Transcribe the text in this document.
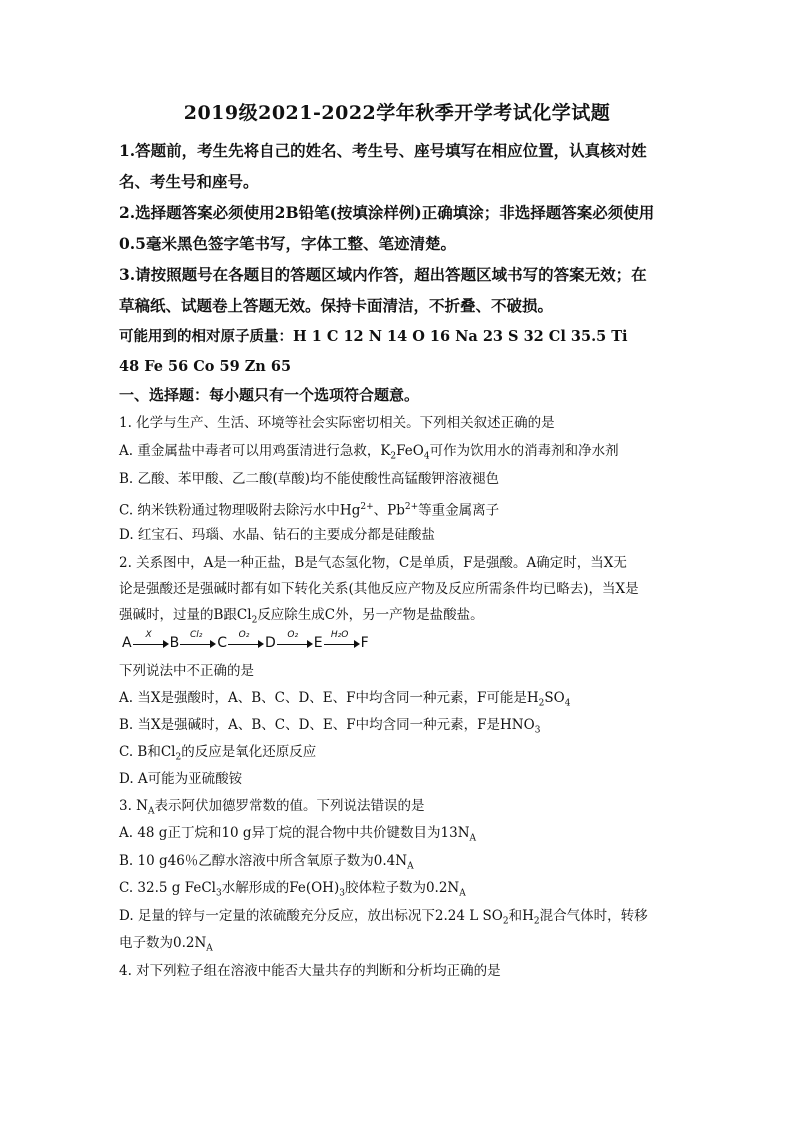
2019级2021-2022学年秋季开学考试化学试题
1.答题前，考生先将自己的姓名、考生号、座号填写在相应位置，认真核对姓
名、考生号和座号。
2.选择题答案必须使用2B铅笔(按填涂样例)正确填涂；非选择题答案必须使用
0.5毫米黑色签字笔书写，字体工整、笔迹清楚。
3.请按照题号在各题目的答题区域内作答，超出答题区域书写的答案无效；在
草稿纸、试题卷上答题无效。保持卡面清洁，不折叠、不破损。
可能用到的相对原子质量：H 1 C 12 N 14 O 16 Na 23 S 32 Cl 35.5 Ti
48 Fe 56 Co 59 Zn 65
一、选择题：每小题只有一个选项符合题意。
1. 化学与生产、生活、环境等社会实际密切相关。下列相关叙述正确的是
A. 重金属盐中毒者可以用鸡蛋清进行急救，$K_2FeO_4$可作为饮用水的消毒剂和净水剂
B. 乙酸、苯甲酸、乙二酸(草酸)均不能使酸性高锰酸钾溶液褪色
C. 纳米铁粉通过物理吸附去除污水中$Hg^{2+}$、$Pb^{2+}$等重金属离子
D. 红宝石、玛瑙、水晶、钻石的主要成分都是硅酸盐
2. 关系图中，A是一种正盐，B是气态氢化物，C是单质，F是强酸。A确定时，当X无
论是强酸还是强碱时都有如下转化关系(其他反应产物及反应所需条件均已略去)，当X是
强碱时，过量的B跟$Cl_2$反应除生成C外，另一产物是盐酸盐。
A	X	B	Cl₂	C	O₂	D	O₂	E H₂O F
下列说法中不正确的是
A. 当X是强酸时，A、B、C、D、E、F中均含同一种元素，F可能是$H_2SO_4$
B. 当X是强碱时，A、B、C、D、E、F中均含同一种元素，F是$HNO_3$
C. B和$Cl_2$的反应是氧化还原反应
D. A可能为亚硫酸铵
3. $N_A$表示阿伏加德罗常数的值。下列说法错误的是
A. 48 g正丁烷和10 g异丁烷的混合物中共价键数目为$13N_A$
B. 10 g46％乙醇水溶液中所含氧原子数为$0.4N_A$
C. 32.5 g FeCl$_3$水解形成的$Fe(OH)_3$胶体粒子数为$0.2N_A$
D. 足量的锌与一定量的浓硫酸充分反应，放出标况下2.24 L $SO_2$和$H_2$混合气体时，转移
电子数为$0.2N_A$
4. 对下列粒子组在溶液中能否大量共存的判断和分析均正确的是
